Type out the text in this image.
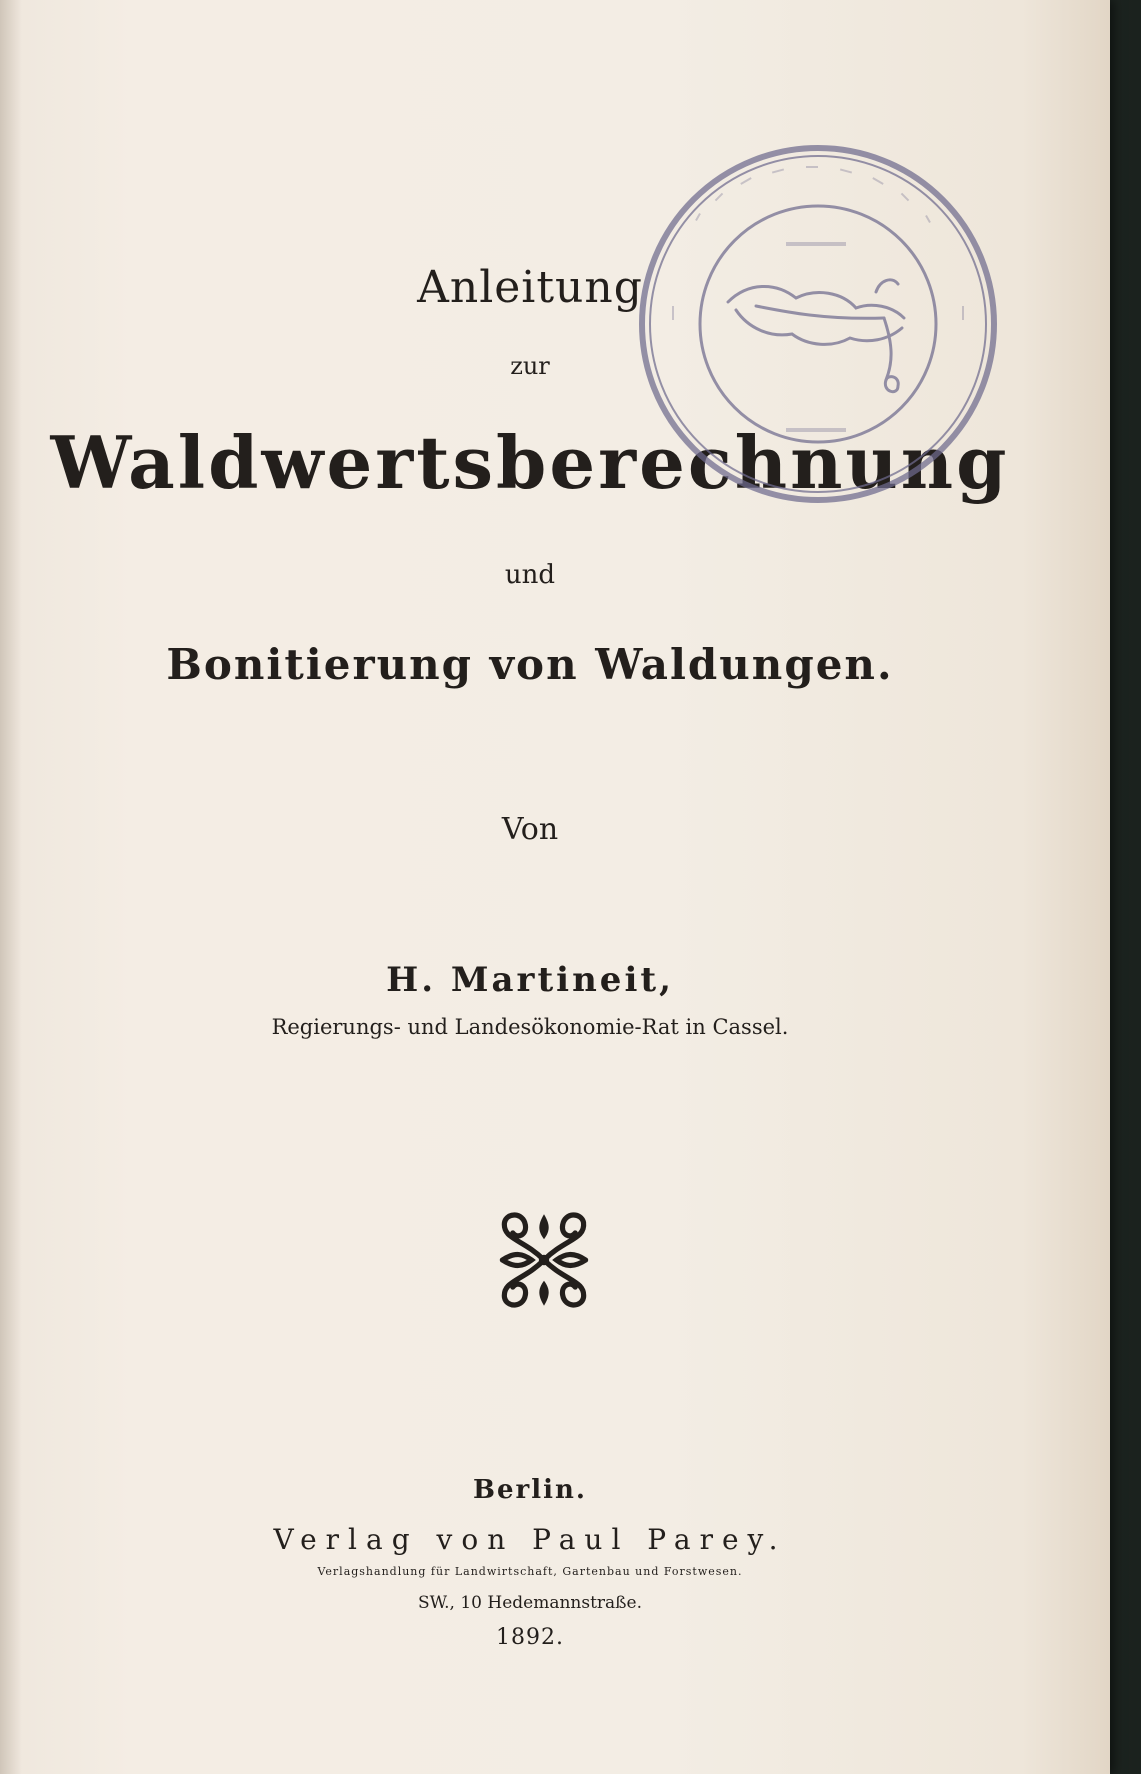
Anleitung
zur
Waldwertsberechnung
und
Bonitierung von Waldungen.
Von
H. Martineit,
Regierungs- und Landesökonomie-Rat in Cassel.
Berlin.
Verlag von Paul Parey.
Verlagshandlung für Landwirtschaft, Gartenbau und Forstwesen.
SW., 10 Hedemannstraße.
1892.
